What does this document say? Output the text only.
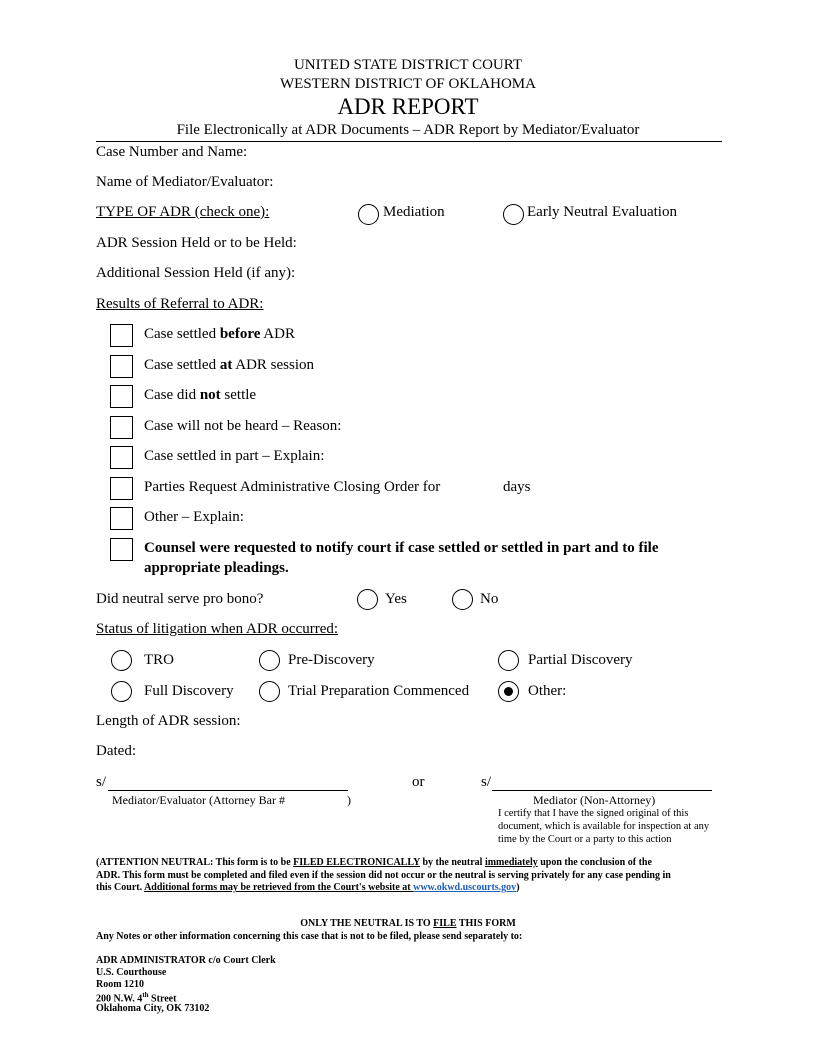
UNITED STATE DISTRICT COURT
WESTERN DISTRICT OF OKLAHOMA
ADR REPORT
File Electronically at ADR Documents – ADR Report by Mediator/Evaluator
Case Number and Name:
Name of Mediator/Evaluator:
TYPE OF ADR (check one):	Mediation	Early Neutral Evaluation
ADR Session Held or to be Held:
Additional Session Held (if any):
Results of Referral to ADR:
Case settled before ADR
Case settled at ADR session
Case did not settle
Case will not be heard – Reason:
Case settled in part – Explain:
Parties Request Administrative Closing Order for	days
Other – Explain:
Counsel were requested to notify court if case settled or settled in part and to file
appropriate pleadings.
Did neutral serve pro bono?	Yes	No
Status of litigation when ADR occurred:
TRO	Pre-Discovery	Partial Discovery
Full Discovery	Trial Preparation Commenced	Other:
Length of ADR session:
Dated:
s/	or	s/
Mediator/Evaluator (Attorney Bar #	)	Mediator (Non-Attorney)
I certify that I have the signed original of this
document, which is available for inspection at any
time by the Court or a party to this action
(ATTENTION NEUTRAL: This form is to be FILED ELECTRONICALLY by the neutral immediately upon the conclusion of the
ADR. This form must be completed and filed even if the session did not occur or the neutral is serving privately for any case pending in
this Court. Additional forms may be retrieved from the Court's website at www.okwd.uscourts.gov)
ONLY THE NEUTRAL IS TO FILE THIS FORM
Any Notes or other information concerning this case that is not to be filed, please send separately to:
ADR ADMINISTRATOR c/o Court Clerk
U.S. Courthouse
Room 1210
200 N.W. 4th Street
Oklahoma City, OK 73102
